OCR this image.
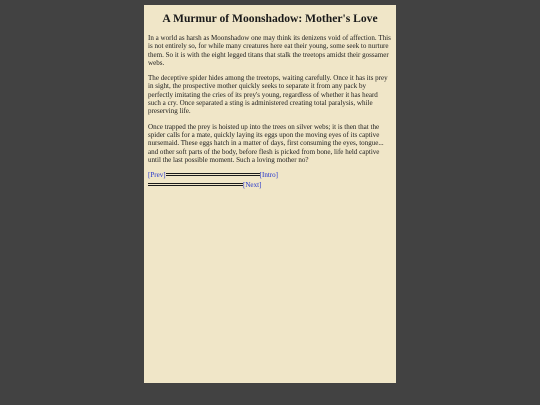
A Murmur of Moonshadow: Mother's Love

In a world as harsh as Moonshadow one may think its denizens void of affection. This is not entirely so, for while many creatures here eat their young, some seek to nurture them. So it is with the eight legged titans that stalk the treetops amidst their gossamer webs.

The deceptive spider hides among the treetops, waiting carefully. Once it has its prey in sight, the prospective mother quickly seeks to separate it from any pack by perfectly imitating the cries of its prey's young, regardless of whether it has heard such a cry. Once separated a sting is administered creating total paralysis, while preserving life.

Once trapped the prey is hoisted up into the trees on silver webs; it is then that the spider calls for a mate, quickly laying its eggs upon the moving eyes of its captive nursemaid. These eggs hatch in a matter of days, first consuming the eyes, tongue... and other soft parts of the body, before flesh is picked from bone, life held captive until the last possible moment. Such a loving mother no?

[Prev]	[Intro]
[Next]
